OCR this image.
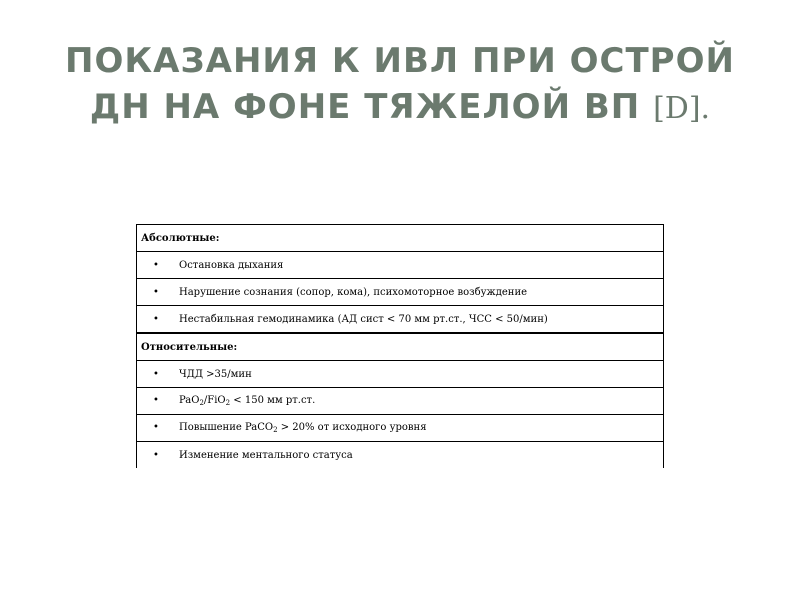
ПОКАЗАНИЯ К ИВЛ ПРИ ОСТРОЙ
ДН НА ФОНЕ ТЯЖЕЛОЙ ВП [D].
Абсолютные:
• Остановка дыхания
• Нарушение сознания (сопор, кома), психомоторное возбуждение
• Нестабильная гемодинамика (АД сист < 70 мм рт.ст., ЧСС < 50/мин)
Относительные:
• ЧДД >35/мин
• PaO$_2$/FiO$_2$ < 150 мм рт.ст.
• Повышение PaCO$_2$ > 20% от исходного уровня
• Изменение ментального статуса
